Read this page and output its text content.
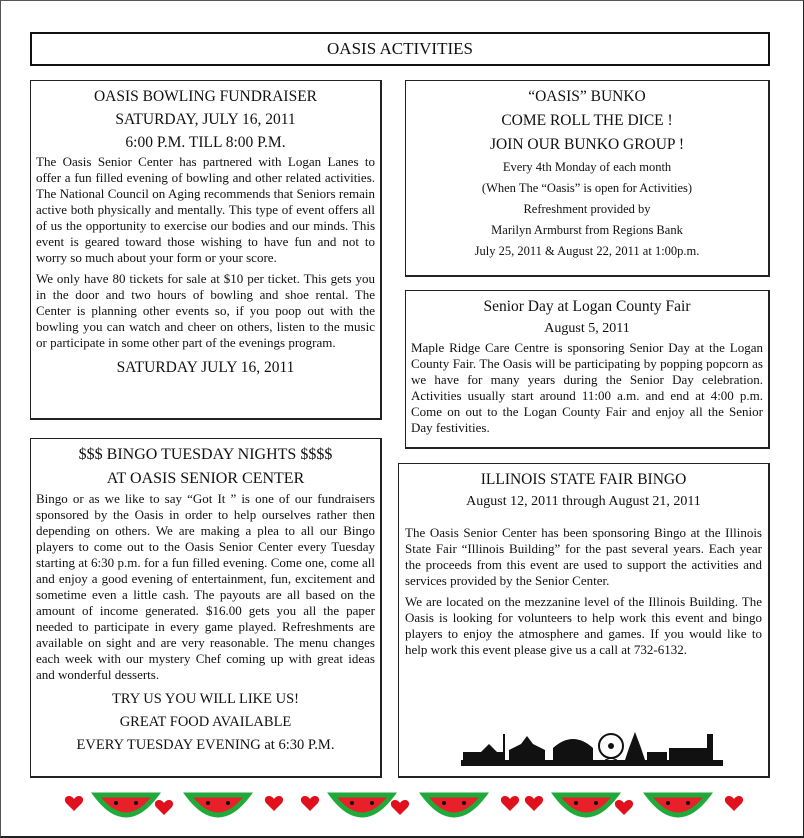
OASIS ACTIVITIES
OASIS BOWLING FUNDRAISER
SATURDAY, JULY 16, 2011
6:00 P.M. TILL 8:00 P.M.

The Oasis Senior Center has partnered with Logan Lanes to offer a fun filled evening of bowling and other related activities. The National Council on Aging recommends that Seniors remain active both physically and mentally. This type of event offers all of us the opportunity to exercise our bodies and our minds. This event is geared toward those wishing to have fun and not to worry so much about your form or your score.

We only have 80 tickets for sale at $10 per ticket. This gets you in the door and two hours of bowling and shoe rental. The Center is planning other events so, if you poop out with the bowling you can watch and cheer on others, listen to the music or participate in some other part of the evenings program.

SATURDAY JULY 16, 2011
“OASIS” BUNKO
COME ROLL THE DICE !
JOIN OUR BUNKO GROUP !
Every 4th Monday of each month
(When The “Oasis” is open for Activities)
Refreshment provided by
Marilyn Armburst from Regions Bank
July 25, 2011 & August 22, 2011 at 1:00p.m.
Senior Day at Logan County Fair
August 5, 2011

Maple Ridge Care Centre is sponsoring Senior Day at the Logan County Fair. The Oasis will be participating by popping popcorn as we have for many years during the Senior Day celebration. Activities usually start around 11:00 a.m. and end at 4:00 p.m. Come on out to the Logan County Fair and enjoy all the Senior Day festivities.

$$$ BINGO TUESDAY NIGHTS $$$$
AT OASIS SENIOR CENTER

Bingo or as we like to say “Got It ” is one of our fundraisers sponsored by the Oasis in order to help ourselves rather then depending on others. We are making a plea to all our Bingo players to come out to the Oasis Senior Center every Tuesday starting at 6:30 p.m. for a fun filled evening. Come one, come all and enjoy a good evening of entertainment, fun, excitement and sometime even a little cash. The payouts are all based on the amount of income generated. $16.00 gets you all the paper needed to participate in every game played. Refreshments are available on sight and are very reasonable. The menu changes each week with our mystery Chef coming up with great ideas and wonderful desserts.

TRY US YOU WILL LIKE US!
GREAT FOOD AVAILABLE
EVERY TUESDAY EVENING at 6:30 P.M.
ILLINOIS STATE FAIR BINGO
August 12, 2011 through August 21, 2011

The Oasis Senior Center has been sponsoring Bingo at the Illinois State Fair “Illinois Building” for the past several years. Each year the proceeds from this event are used to support the activities and services provided by the Senior Center.

We are located on the mezzanine level of the Illinois Building. The Oasis is looking for volunteers to help work this event and bingo players to enjoy the atmosphere and games. If you would like to help work this event please give us a call at 732-6132.
